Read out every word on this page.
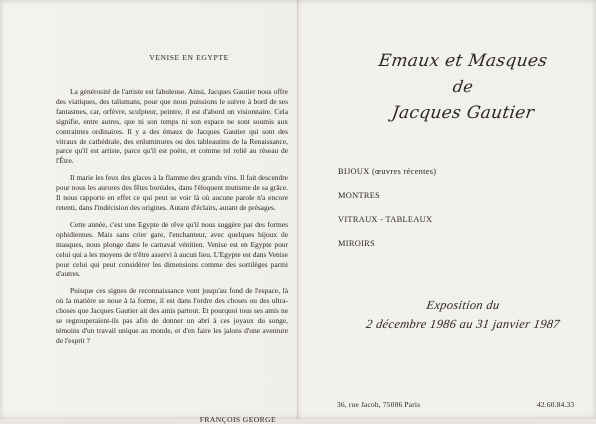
VENISE EN EGYPTE

La générosité de l'artiste est fabuleuse. Ainsi, Jacques Gautier nous offre des viatiques, des talismans, pour que nous puissions le suivre à bord de ses fantasmes, car, orfèvre, sculpteur, peintre, il est d'abord un visionnaire. Cela signifie, entre autres, que ni son temps ni son espace ne sont soumis aux contraintes ordinaires. Il y a des émaux de Jacques Gautier qui sont des vitraux de cathédrale, des enluminures ou des tableautins de la Renaissance, parce qu'il est artiste, parce qu'il est poète, et comme tel relié au réseau de l'Être.

Il marie les feux des glaces à la flamme des grands vins. Il fait descendre pour nous les aurores des fêtes boréales, dans l'éloquent mutisme de sa grâce. Il nous rapporte en effet ce qui peut se voir là où aucune parole n'a encore retenti, dans l'indécision des origines. Autant d'éclairs, autant de présages.

Cette année, c'est une Egypte de rêve qu'il nous suggère par des formes ophidiennes. Mais sans crier gare, l'enchanteur, avec quelques bijoux de masques, nous plonge dans le carnaval vénitien. Venise est en Egypte pour celui qui a les moyens de n'être asservi à aucun lieu. L'Egypte est dans Venise pour celui qui peut considérer les dimensions comme des sortilèges parmi d'autres.

Puisque ces signes de reconnaissance vont jusqu'au fond de l'espace, là où la matière se noue à la forme, il est dans l'ordre des choses ou des ultra-choses que Jacques Gautier ait des amis partout. Et pourquoi tous ses amis ne se regrouperaient-ils pas afin de donner un abri à ces joyaux du songe, témoins d'un travail unique au monde, et d'en faire les jalons d'une aventure de l'esprit ?

FRANÇOIS GEORGE
Emaux et Masques
de
Jacques Gautier
BIJOUX (œuvres récentes)
MONTRES
VITRAUX - TABLEAUX
MIROIRS
Exposition du
2 décembre 1986 au 31 janvier 1987
36, rue Jacob, 75006 Paris	42.60.84.33
